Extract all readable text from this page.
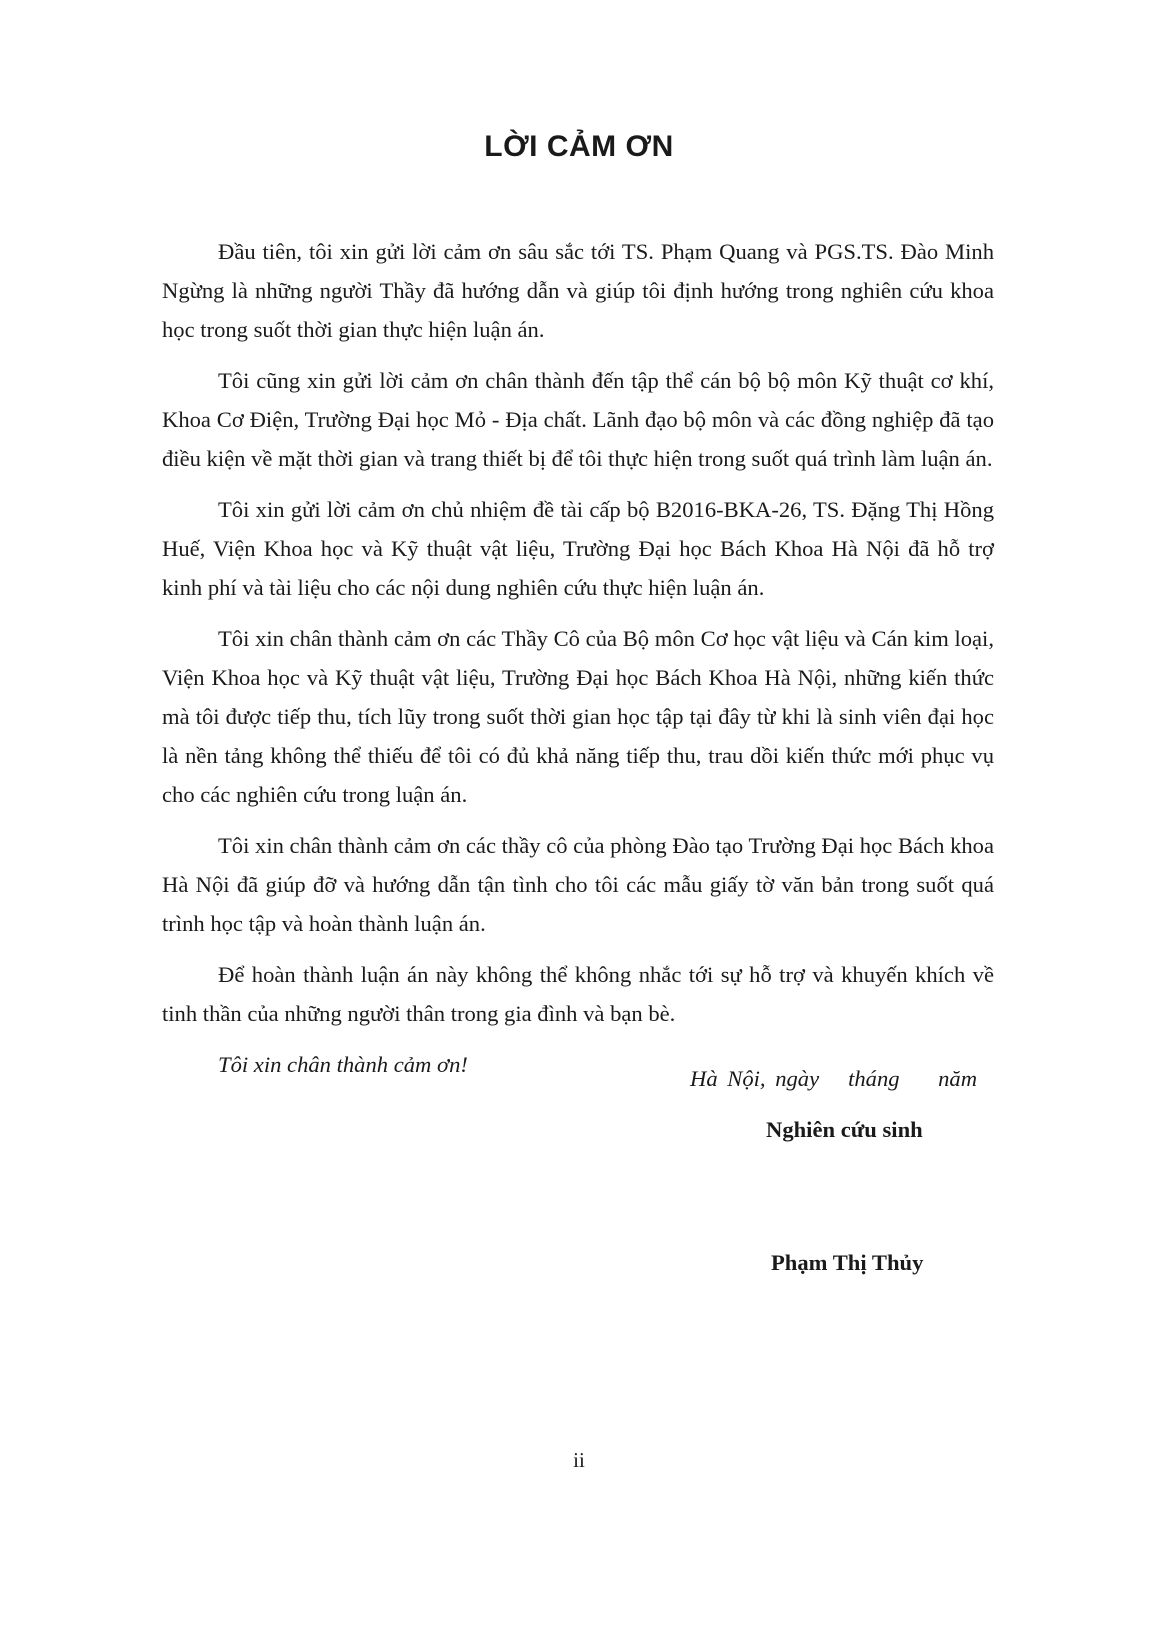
LỜI CẢM ƠN

Đầu tiên, tôi xin gửi lời cảm ơn sâu sắc tới TS. Phạm Quang và PGS.TS. Đào Minh Ngừng là những người Thầy đã hướng dẫn và giúp tôi định hướng trong nghiên cứu khoa học trong suốt thời gian thực hiện luận án.

Tôi cũng xin gửi lời cảm ơn chân thành đến tập thể cán bộ bộ môn Kỹ thuật cơ khí, Khoa Cơ Điện, Trường Đại học Mỏ - Địa chất. Lãnh đạo bộ môn và các đồng nghiệp đã tạo điều kiện về mặt thời gian và trang thiết bị để tôi thực hiện trong suốt quá trình làm luận án.

Tôi xin gửi lời cảm ơn chủ nhiệm đề tài cấp bộ B2016-BKA-26, TS. Đặng Thị Hồng Huế, Viện Khoa học và Kỹ thuật vật liệu, Trường Đại học Bách Khoa Hà Nội đã hỗ trợ kinh phí và tài liệu cho các nội dung nghiên cứu thực hiện luận án.

Tôi xin chân thành cảm ơn các Thầy Cô của Bộ môn Cơ học vật liệu và Cán kim loại, Viện Khoa học và Kỹ thuật vật liệu, Trường Đại học Bách Khoa Hà Nội, những kiến thức mà tôi được tiếp thu, tích lũy trong suốt thời gian học tập tại đây từ khi là sinh viên đại học là nền tảng không thể thiếu để tôi có đủ khả năng tiếp thu, trau dồi kiến thức mới phục vụ cho các nghiên cứu trong luận án.

Tôi xin chân thành cảm ơn các thầy cô của phòng Đào tạo Trường Đại học Bách khoa Hà Nội đã giúp đỡ và hướng dẫn tận tình cho tôi các mẫu giấy tờ văn bản trong suốt quá trình học tập và hoàn thành luận án.

Để hoàn thành luận án này không thể không nhắc tới sự hỗ trợ và khuyến khích về tinh thần của những người thân trong gia đình và bạn bè.

Tôi xin chân thành cảm ơn!

Hà Nội, ngày   tháng    năm
Nghiên cứu sinh
Phạm Thị Thủy
ii
